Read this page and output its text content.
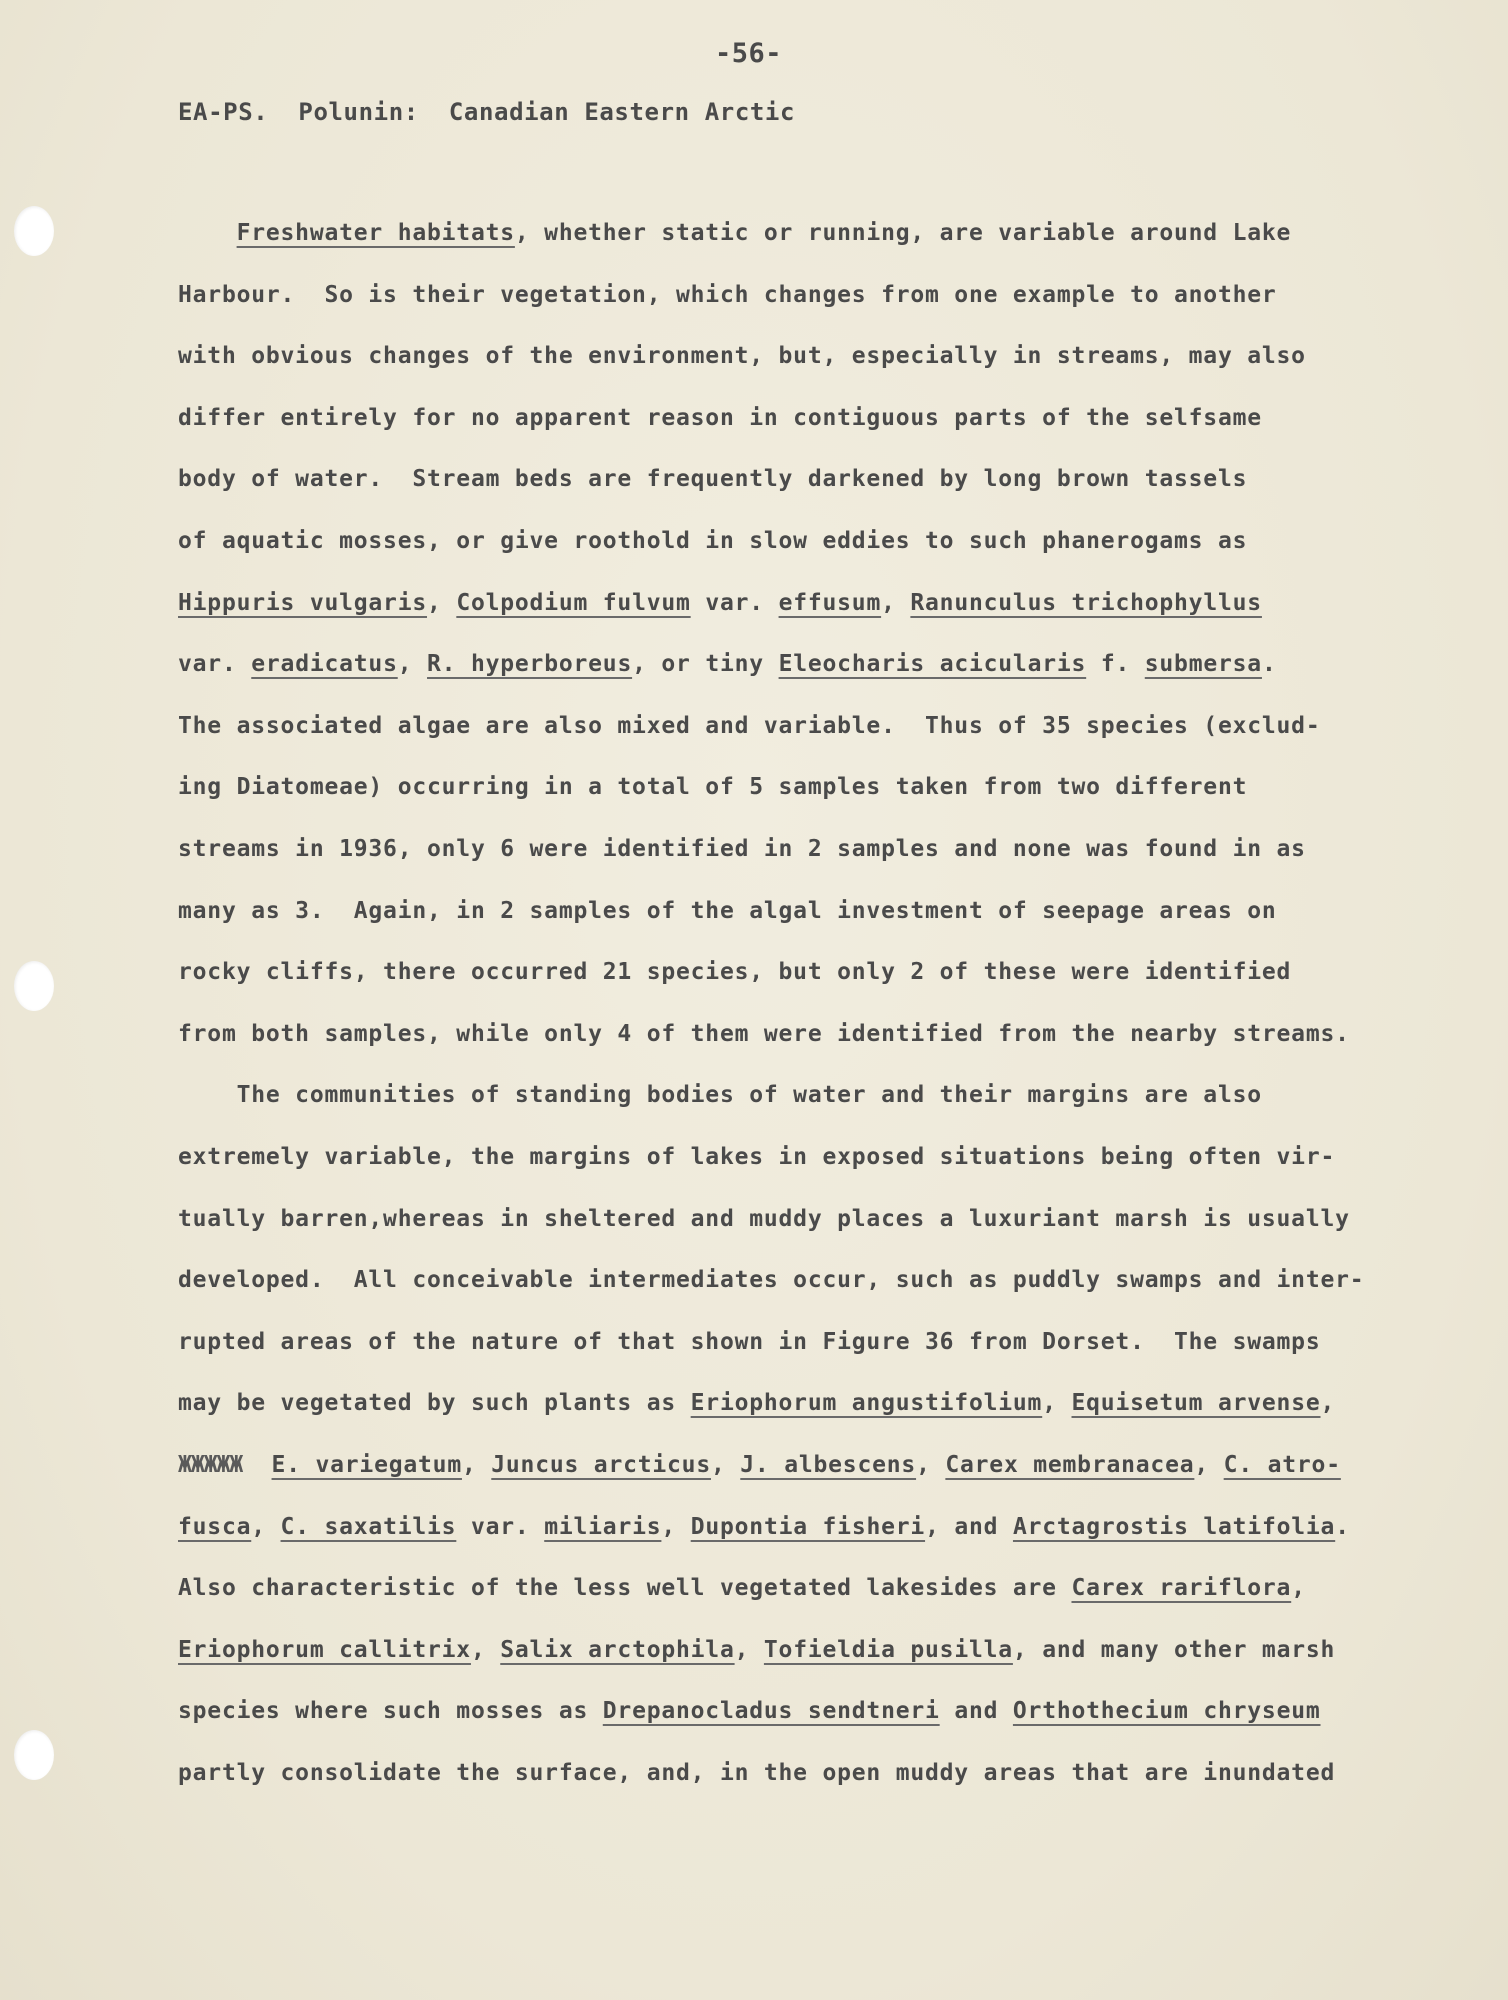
-56-
EA-PS.  Polunin:  Canadian Eastern Arctic
Freshwater habitats, whether static or running, are variable around Lake
Harbour.  So is their vegetation, which changes from one example to another
with obvious changes of the environment, but, especially in streams, may also
differ entirely for no apparent reason in contiguous parts of the selfsame
body of water.  Stream beds are frequently darkened by long brown tassels
of aquatic mosses, or give roothold in slow eddies to such phanerogams as
Hippuris vulgaris, Colpodium fulvum var. effusum, Ranunculus trichophyllus
var. eradicatus, R. hyperboreus, or tiny Eleocharis acicularis f. submersa.
The associated algae are also mixed and variable.  Thus of 35 species (exclud-
ing Diatomeae) occurring in a total of 5 samples taken from two different
streams in 1936, only 6 were identified in 2 samples and none was found in as
many as 3.  Again, in 2 samples of the algal investment of seepage areas on
rocky cliffs, there occurred 21 species, but only 2 of these were identified
from both samples, while only 4 of them were identified from the nearby streams.
The communities of standing bodies of water and their margins are also
extremely variable, the margins of lakes in exposed situations being often vir-
tually barren,whereas in sheltered and muddy places a luxuriant marsh is usually
developed.  All conceivable intermediates occur, such as puddly swamps and inter-
rupted areas of the nature of that shown in Figure 36 from Dorset.  The swamps
may be vegetated by such plants as Eriophorum angustifolium, Equisetum arvense,
ЖЖЖЖЖ E. variegatum, Juncus arcticus, J. albescens, Carex membranacea, C. atro-
fusca, C. saxatilis var. miliaris, Dupontia fisheri, and Arctagrostis latifolia.
Also characteristic of the less well vegetated lakesides are Carex rariflora,
Eriophorum callitrix, Salix arctophila, Tofieldia pusilla, and many other marsh
species where such mosses as Drepanocladus sendtneri and Orthothecium chryseum
partly consolidate the surface, and, in the open muddy areas that are inundated
